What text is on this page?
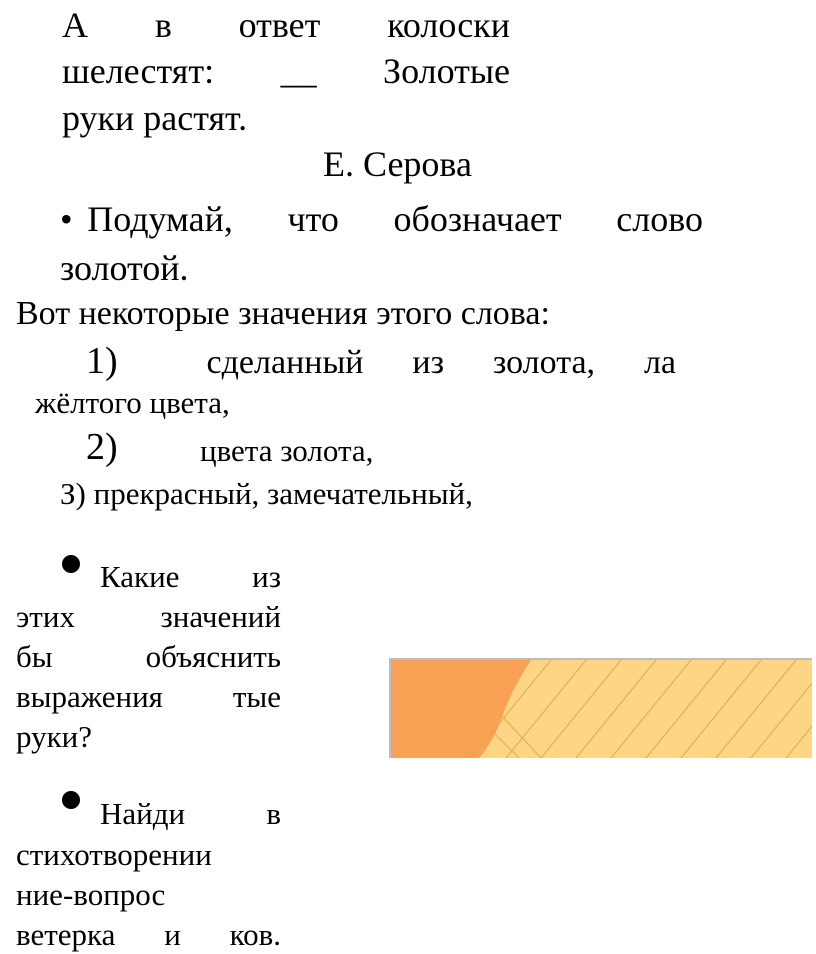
А в ответ колоски
шелестят: __ Золотые
руки растят.
Е. Серова
• Подумай, что обозначает слово
золотой.
Вот некоторые значения этого слова:
1)	сделанный из золота, ла
жёлтого цвета,
2)	цвета золота,
З) прекрасный, замечательный,
Какие из
этих	значений
бы	объяснить
выражения тые
руки?
Найди	в
стихотворении
ние-вопрос
ветерка и ков.
